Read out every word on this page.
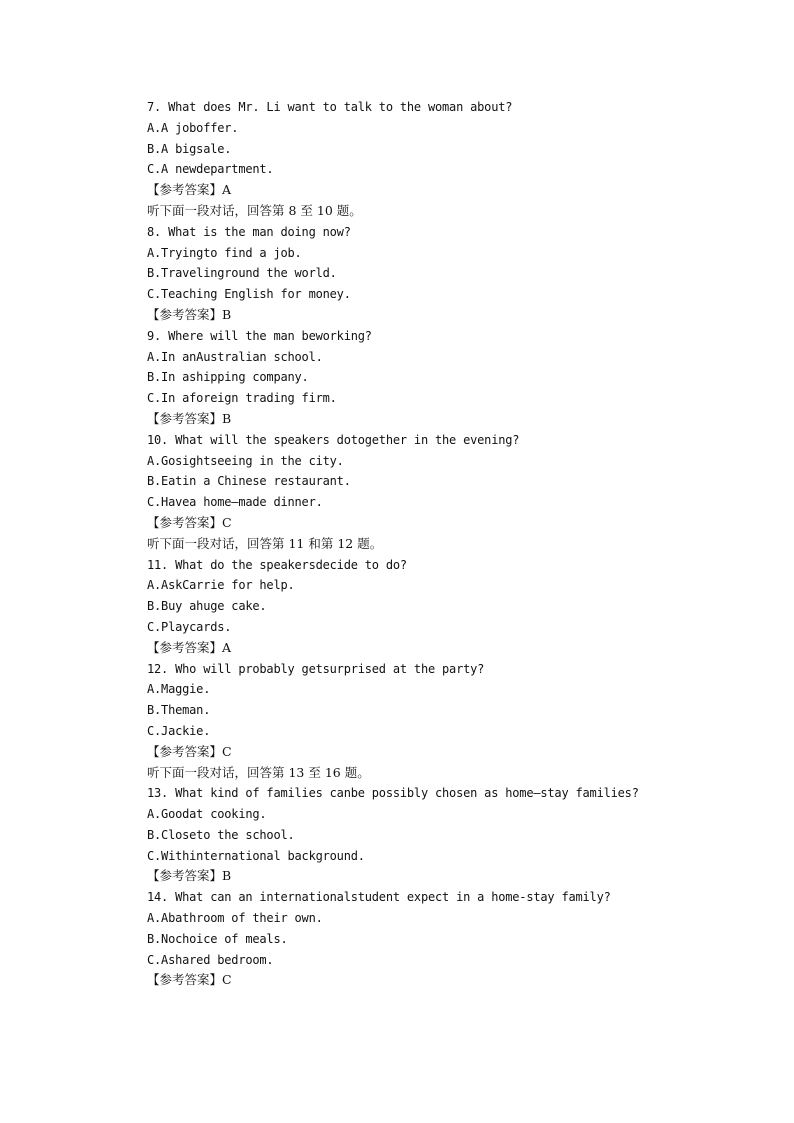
7. What does Mr. Li want to talk to the woman about?
A.A joboffer.
B.A bigsale.
C.A newdepartment.
【参考答案】A
听下面一段对话，回答第 8 至 10 题。
8. What is the man doing now?
A.Tryingto find a job.
B.Travelinground the world.
C.Teaching English for money.
【参考答案】B
9. Where will the man beworking?
A.In anAustralian school.
B.In ashipping company.
C.In aforeign trading firm.
【参考答案】B
10. What will the speakers dotogether in the evening?
A.Gosightseeing in the city.
B.Eatin a Chinese restaurant.
C.Havea home—made dinner.
【参考答案】C
听下面一段对话，回答第 11 和第 12 题。
11. What do the speakersdecide to do?
A.AskCarrie for help.
B.Buy ahuge cake.
C.Playcards.
【参考答案】A
12. Who will probably getsurprised at the party?
A.Maggie.
B.Theman.
C.Jackie.
【参考答案】C
听下面一段对话，回答第 13 至 16 题。
13. What kind of families canbe possibly chosen as home—stay families?
A.Goodat cooking.
B.Closeto the school.
C.Withinternational background.
【参考答案】B
14. What can an internationalstudent expect in a home-stay family?
A.Abathroom of their own.
B.Nochoice of meals.
C.Ashared bedroom.
【参考答案】C
